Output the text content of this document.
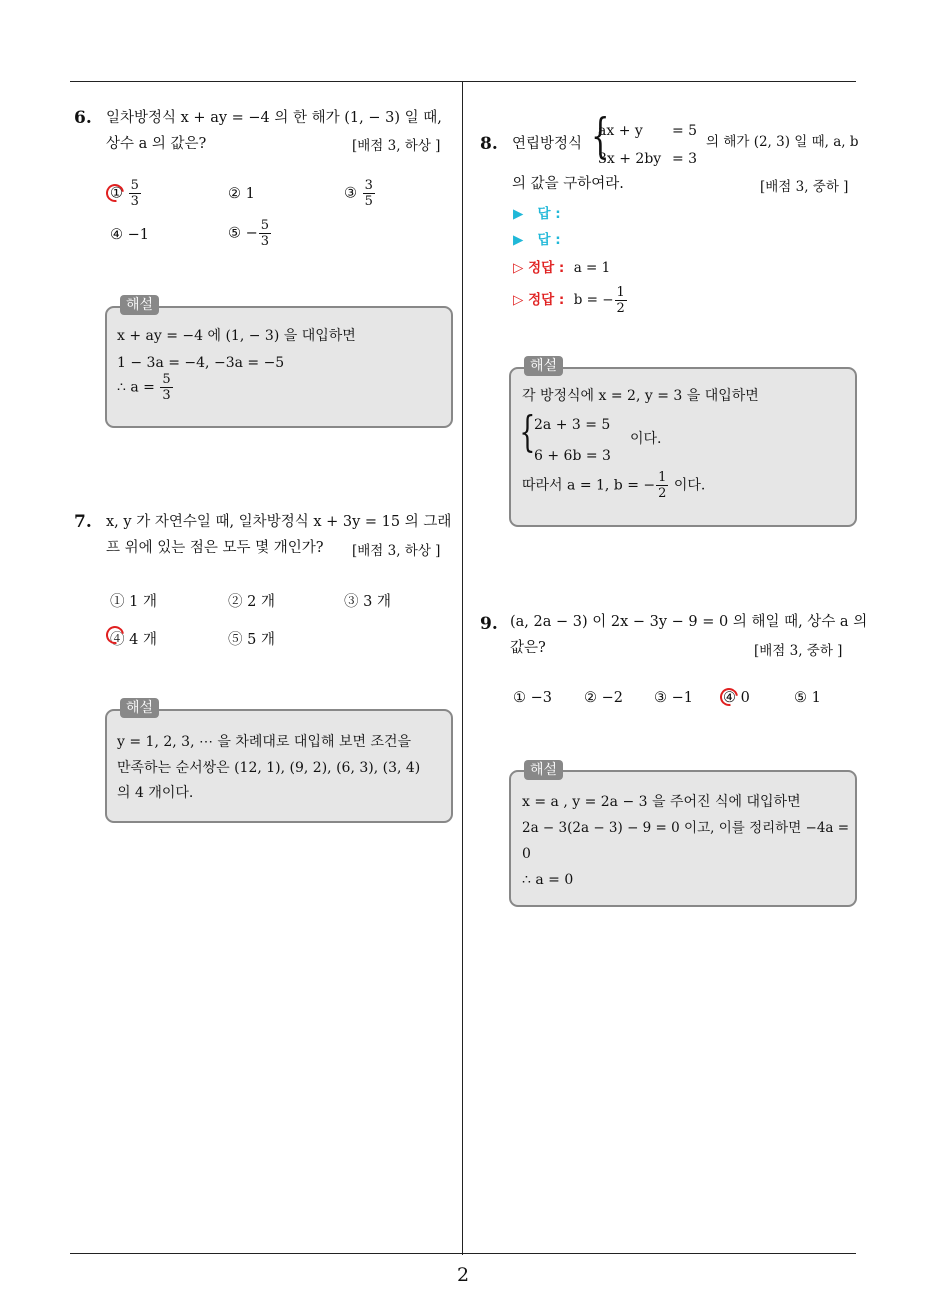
2
6. 일차방정식 x + ay = −4 의 한 해가 (1, − 3) 일 때,
상수 a 의 값은?	[배점 3, 하상 ]
① $\frac{5}{3}$	② 1	③ $\frac{3}{5}$
④ −1	⑤ − $\frac{5}{3}$
해설
x + ay = −4 에 (1, − 3) 을 대입하면
1 − 3a = −4, −3a = −5
∴ $a = \frac{5}{3}$
7. x, y 가 자연수일 때, 일차방정식 x + 3y = 15 의 그래
프 위에 있는 점은 모두 몇 개인가? [배점 3, 하상 ]
① 1 개	② 2 개	③ 3 개
④ 4 개	⑤ 5 개
해설
y = 1, 2, 3, ⋯ 을 차례대로 대입해 보면 조건을
만족하는 순서쌍은 (12, 1), (9, 2), (6, 3), (3, 4)
의 4 개이다.
8. 연립방정식 {
ax + y = 5
3x + 2by = 3
의 해가 (2, 3) 일 때, a, b
의 값을 구하여라.	[배점 3, 중하 ]
▶ 답 :
▶ 답 :
▷ 정답 : a = 1
▷ 정답 : b = − $\frac{1}{2}$
해설
각 방정식에 x = 2, y = 3 을 대입하면
{
2a + 3 = 5
6 + 6b = 3
이다.
따라서 a = 1, b = − $\frac{1}{2}$ 이다.
9. (a, 2a − 3) 이 2x − 3y − 9 = 0 의 해일 때, 상수 a 의
값은?	[배점 3, 중하 ]
① −3 ② −2 ③ −1 ④ 0	⑤ 1
해설
x = a , y = 2a − 3 을 주어진 식에 대입하면
2a − 3(2a − 3) − 9 = 0 이고, 이를 정리하면 −4a =
0
∴ a = 0
